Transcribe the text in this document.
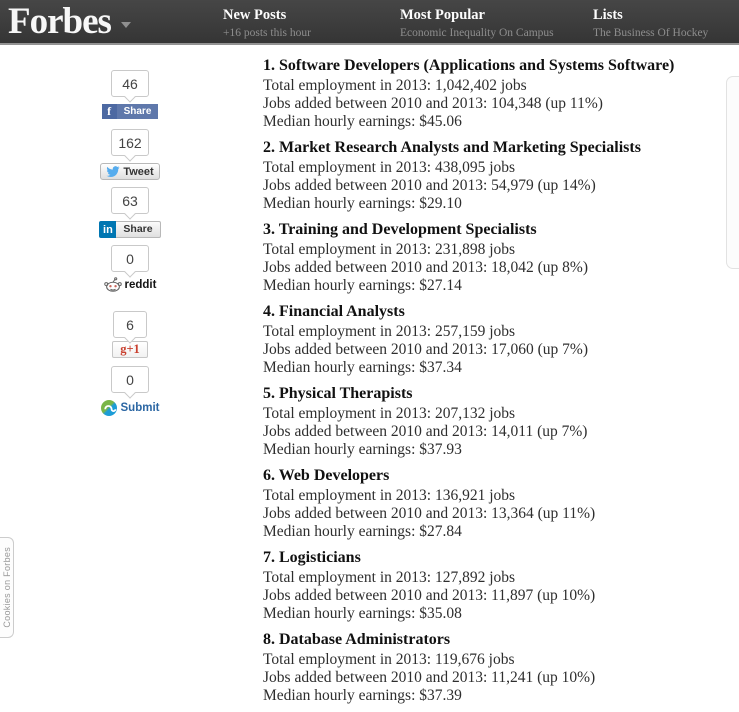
Forbes	New Posts
+16 posts this hour
Most Popular
Economic Inequality On Campus
Lists
The Business Of Hockey
46
f	Share
162
Tweet
63
in	Share
0
reddit
6
g+1
0
Submit
1. Software Developers (Applications and Systems Software)

Total employment in 2013: 1,042,402 jobs

Jobs added between 2010 and 2013: 104,348 (up 11%)

Median hourly earnings: $45.06

2. Market Research Analysts and Marketing Specialists

Total employment in 2013: 438,095 jobs

Jobs added between 2010 and 2013: 54,979 (up 14%)

Median hourly earnings: $29.10

3. Training and Development Specialists

Total employment in 2013: 231,898 jobs

Jobs added between 2010 and 2013: 18,042 (up 8%)

Median hourly earnings: $27.14

4. Financial Analysts

Total employment in 2013: 257,159 jobs

Jobs added between 2010 and 2013: 17,060 (up 7%)

Median hourly earnings: $37.34

5. Physical Therapists

Total employment in 2013: 207,132 jobs

Jobs added between 2010 and 2013: 14,011 (up 7%)

Median hourly earnings: $37.93

6. Web Developers

Total employment in 2013: 136,921 jobs

Jobs added between 2010 and 2013: 13,364 (up 11%)

Median hourly earnings: $27.84

7. Logisticians

Total employment in 2013: 127,892 jobs

Jobs added between 2010 and 2013: 11,897 (up 10%)

Median hourly earnings: $35.08

8. Database Administrators

Total employment in 2013: 119,676 jobs

Jobs added between 2010 and 2013: 11,241 (up 10%)

Median hourly earnings: $37.39

Cookies on Forbes
